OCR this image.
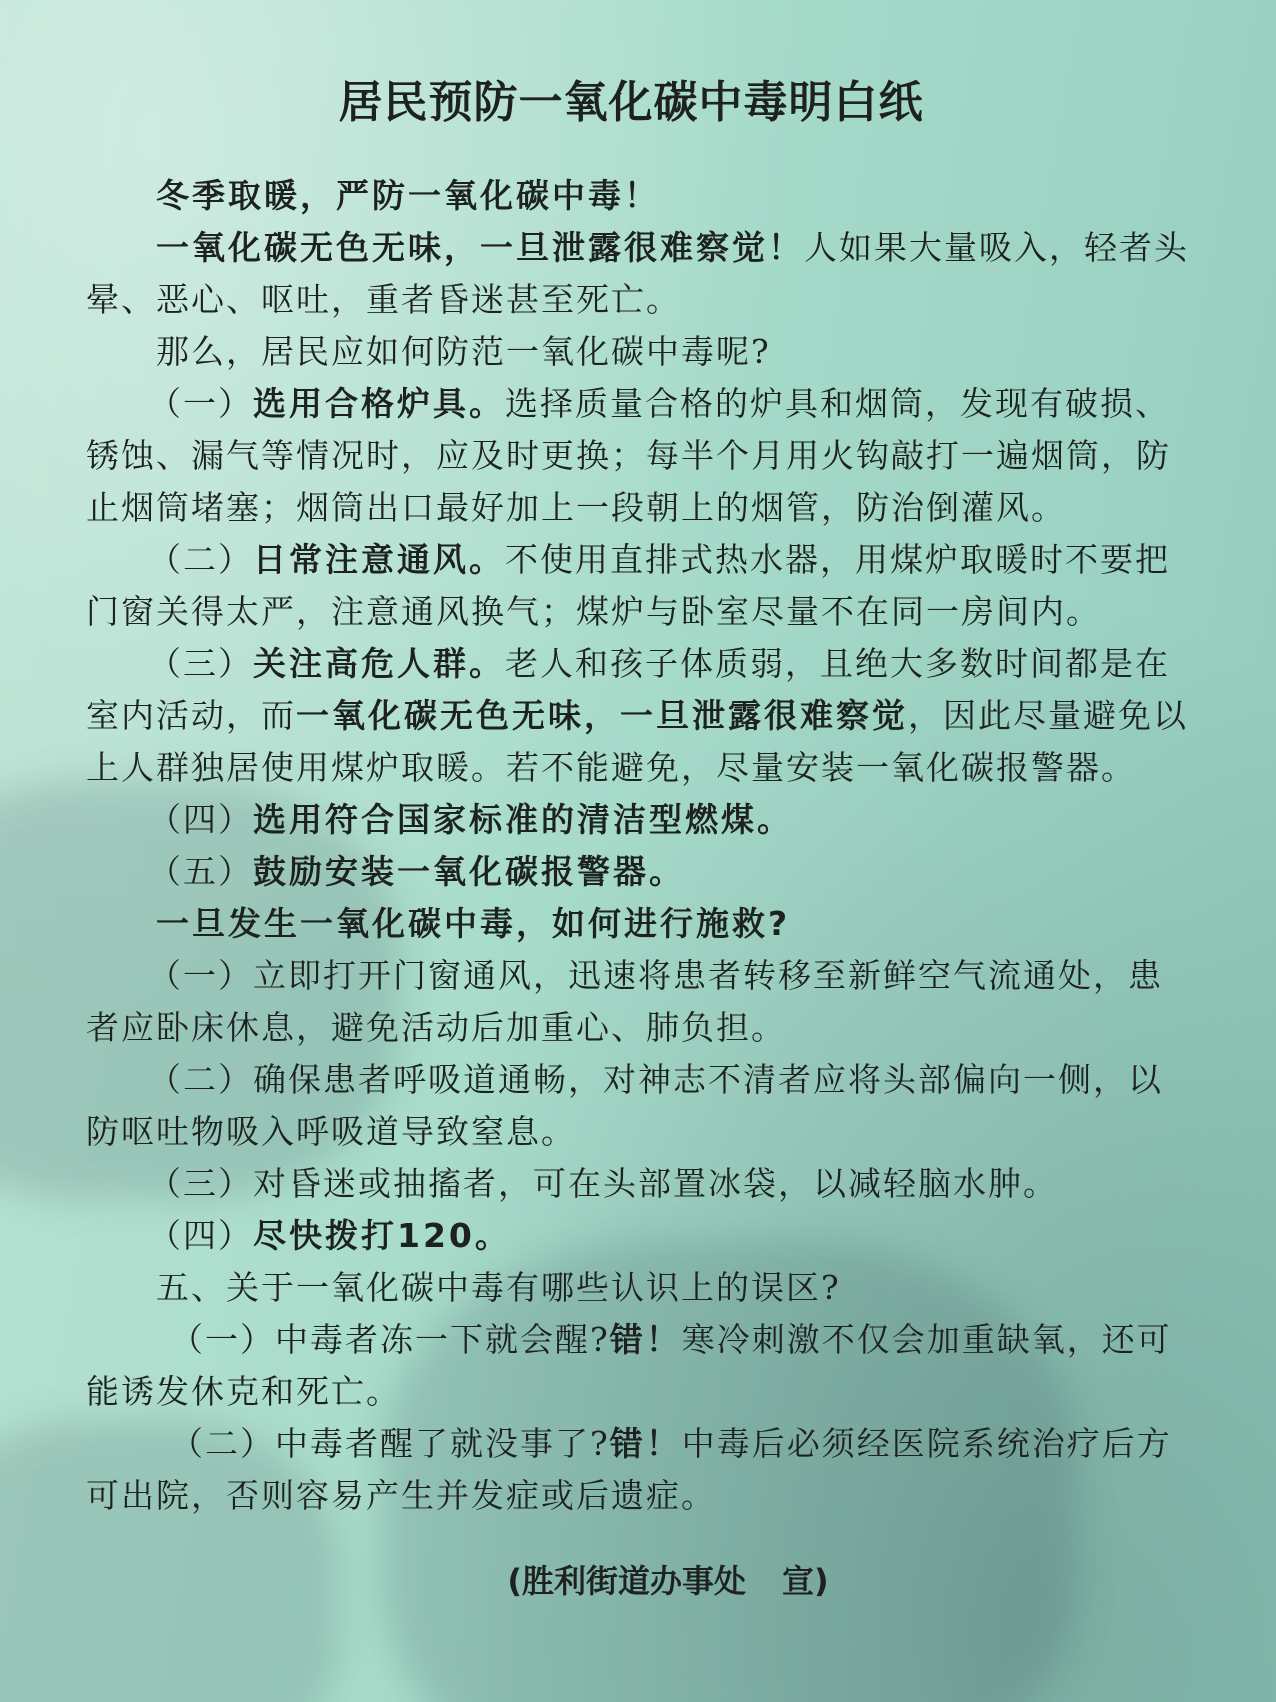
居民预防一氧化碳中毒明白纸

冬季取暖，严防一氧化碳中毒！

一氧化碳无色无味，一旦泄露很难察觉！人如果大量吸入，轻者头晕、恶心、呕吐，重者昏迷甚至死亡。

那么，居民应如何防范一氧化碳中毒呢?

（一）选用合格炉具。选择质量合格的炉具和烟筒，发现有破损、锈蚀、漏气等情况时，应及时更换；每半个月用火钩敲打一遍烟筒，防止烟筒堵塞；烟筒出口最好加上一段朝上的烟管，防治倒灌风。

（二）日常注意通风。不使用直排式热水器，用煤炉取暖时不要把门窗关得太严，注意通风换气；煤炉与卧室尽量不在同一房间内。

（三）关注高危人群。老人和孩子体质弱，且绝大多数时间都是在室内活动，而一氧化碳无色无味，一旦泄露很难察觉，因此尽量避免以上人群独居使用煤炉取暖。若不能避免，尽量安装一氧化碳报警器。

（四）选用符合国家标准的清洁型燃煤。

（五）鼓励安装一氧化碳报警器。

一旦发生一氧化碳中毒，如何进行施救?

（一）立即打开门窗通风，迅速将患者转移至新鲜空气流通处，患者应卧床休息，避免活动后加重心、肺负担。

（二）确保患者呼吸道通畅，对神志不清者应将头部偏向一侧，以防呕吐物吸入呼吸道导致窒息。

（三）对昏迷或抽搐者，可在头部置冰袋，以减轻脑水肿。

（四）尽快拨打120。

五、关于一氧化碳中毒有哪些认识上的误区?

（一）中毒者冻一下就会醒?错！寒冷刺激不仅会加重缺氧，还可能诱发休克和死亡。

（二）中毒者醒了就没事了?错！中毒后必须经医院系统治疗后方可出院，否则容易产生并发症或后遗症。

(胜利街道办事处 宣)
